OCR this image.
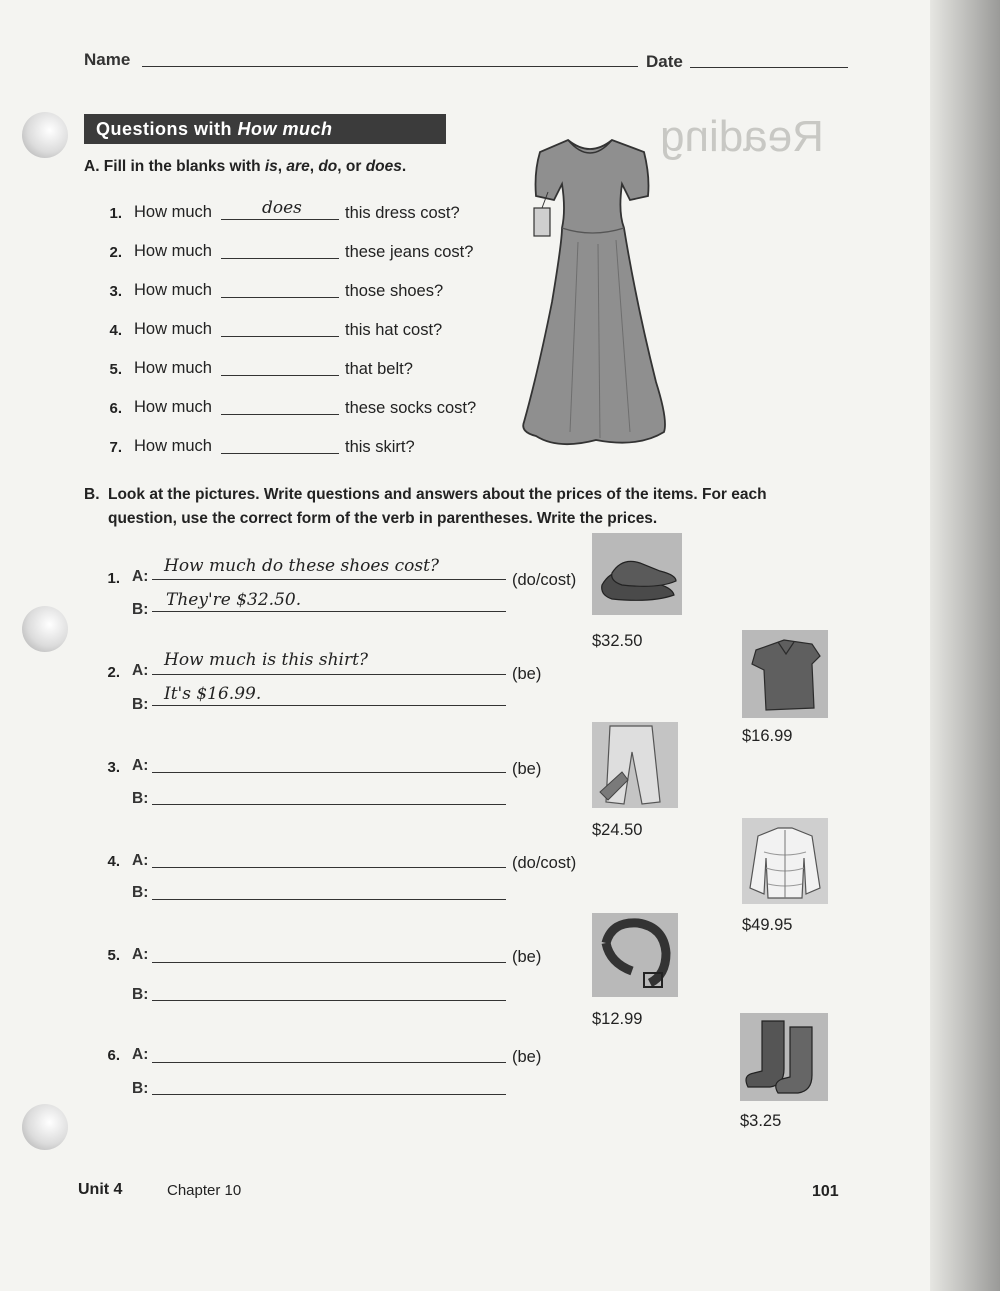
Reading
Name	Date
Questions with How much
A. Fill in the blanks with is, are, do, or does.
1. How much	does	this dress cost?
2. How much	these jeans cost?
3. How much	those shoes?
4. How much	this hat cost?
5. How much	that belt?
6. How much	these socks cost?
7. How much	this skirt?
B. Look at the pictures. Write questions and answers about the prices of the items. For each
question, use the correct form of the verb in parentheses. Write the prices.
1. A:
How much do these shoes cost?
(do/cost)
B: They're $32.50.
2. A:
How much is this shirt?
(be)
B:
It's $16.99.
3. A:	(be)
B:
4. A:	(do/cost)
B:
5. A:	(be)
B:
6. A:	(be)
B:
$32.50
$16.99
$24.50
$49.95
$12.99
$3.25
Unit 4	Chapter 10	101
